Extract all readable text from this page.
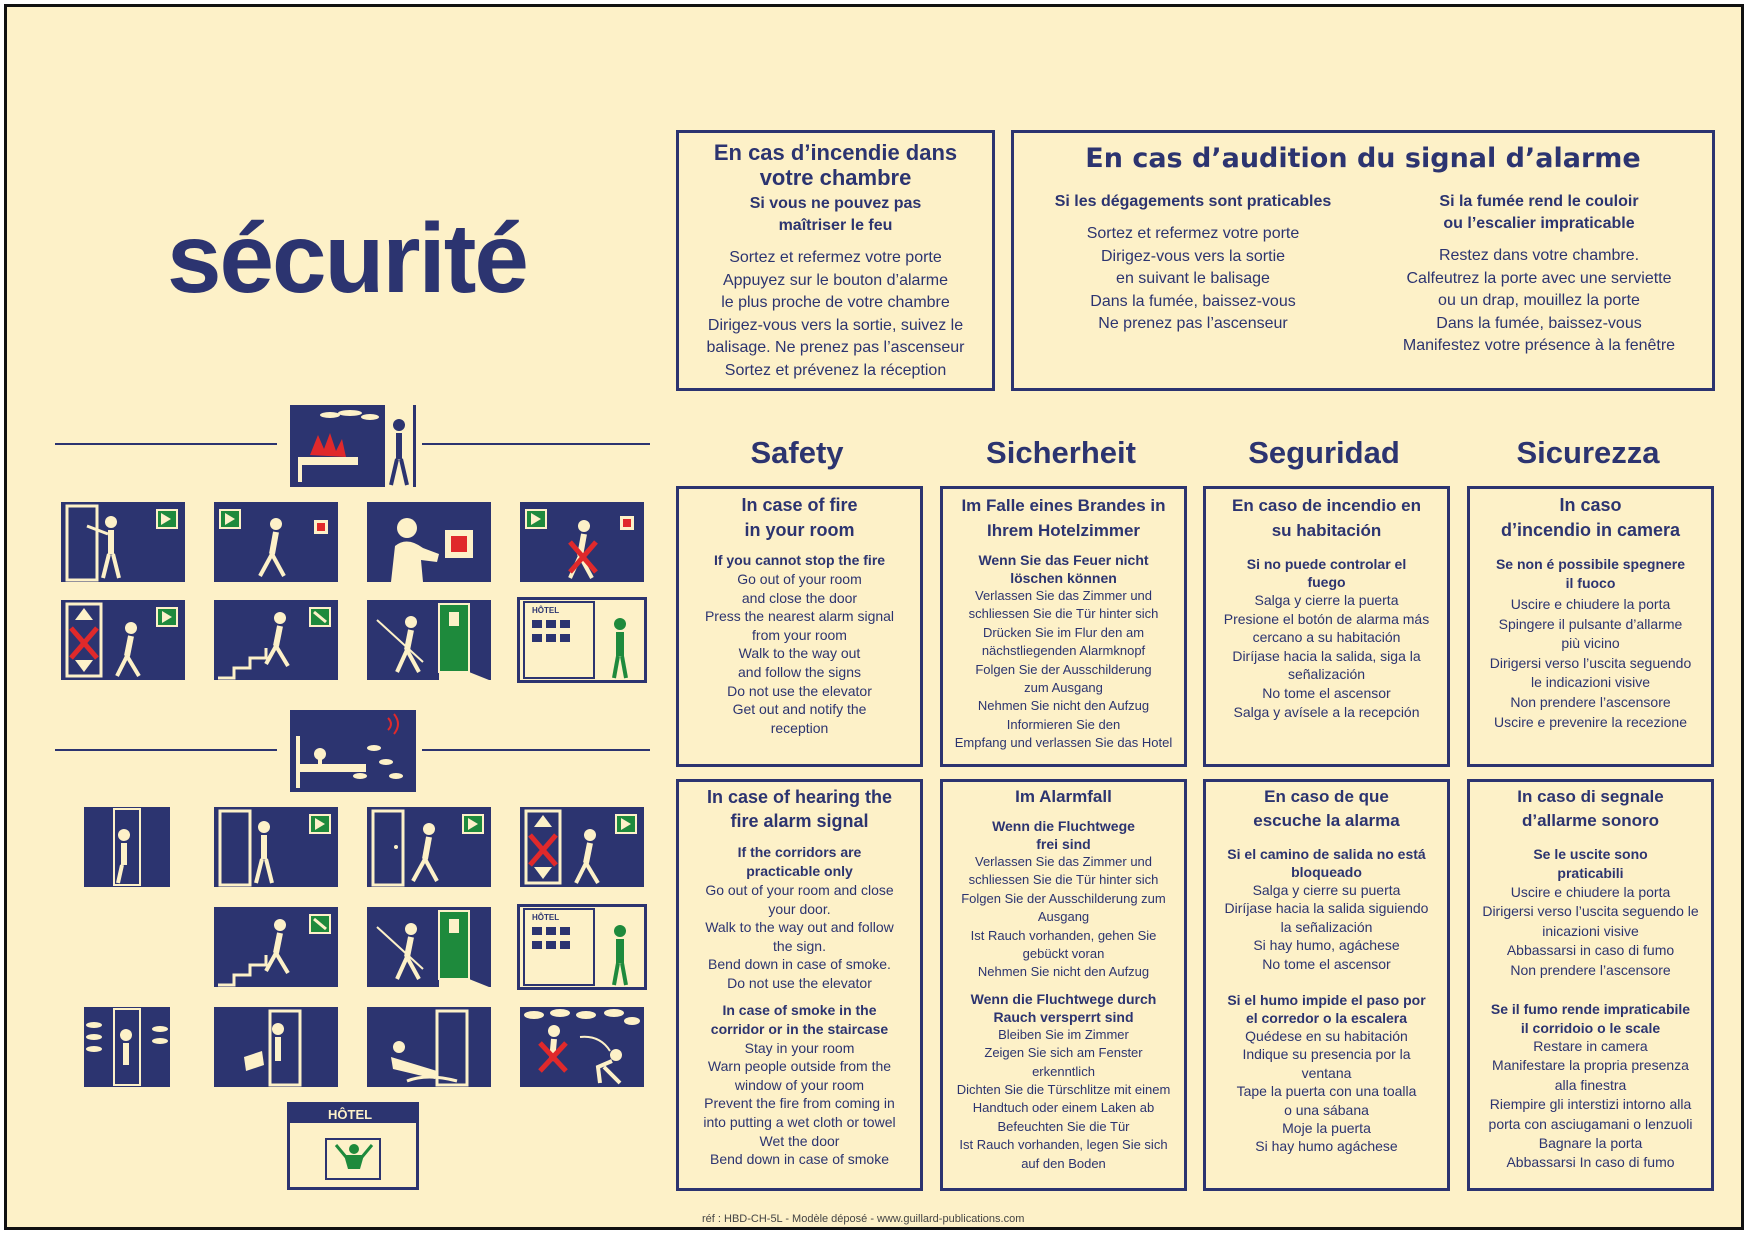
sécurité
En cas d’incendie dans votre chambre
Si vous ne pouvez pas maîtriser le feu
Sortez et refermez votre porte
Appuyez sur le bouton d’alarme
le plus proche de votre chambre
Dirigez-vous vers la sortie, suivez le
balisage. Ne prenez pas l’ascenseur
Sortez et prévenez la réception
En cas d’audition du signal d’alarme
Si les dégagements sont praticables
Sortez et refermez votre porte
Dirigez-vous vers la sortie
en suivant le balisage
Dans la fumée, baissez-vous
Ne prenez pas l’ascenseur
Si la fumée rend le couloir
ou l’escalier impraticable
Restez dans votre chambre.
Calfeutrez la porte avec une serviette
ou un drap, mouillez la porte
Dans la fumée, baissez-vous
Manifestez votre présence à la fenêtre
Safety	Sicherheit	Seguridad	Sicurezza
In case of fire
in your room
If you cannot stop the fire
Go out of your room
and close the door
Press the nearest alarm signal
from your room
Walk to the way out
and follow the signs
Do not use the elevator
Get out and notify the
reception
Im Falle eines Brandes in
Ihrem Hotelzimmer
Wenn Sie das Feuer nicht
löschen können
Verlassen Sie das Zimmer und
schliessen Sie die Tür hinter sich
Drücken Sie im Flur den am
nächstliegenden Alarmknopf
Folgen Sie der Ausschilderung
zum Ausgang
Nehmen Sie nicht den Aufzug
Informieren Sie den
Empfang und verlassen Sie das Hotel
En caso de incendio en
su habitación
Si no puede controlar el
fuego
Salga y cierre la puerta
Presione el botón de alarma más
cercano a su habitación
Diríjase hacia la salida, siga la
señalización
No tome el ascensor
Salga y avísele a la recepción
In caso
d’incendio in camera
Se non é possibile spegnere
il fuoco
Uscire e chiudere la porta
Spingere il pulsante d’allarme
più vicino
Dirigersi verso l’uscita seguendo
le indicazioni visive
Non prendere l’ascensore
Uscire e prevenire la recezione
In case of hearing the
fire alarm signal
If the corridors are
practicable only
Go out of your room and close
your door.
Walk to the way out and follow
the sign.
Bend down in case of smoke.
Do not use the elevator
In case of smoke in the
corridor or in the staircase
Stay in your room
Warn people outside from the
window of your room
Prevent the fire from coming in
into putting a wet cloth or towel
Wet the door
Bend down in case of smoke
Im Alarmfall
Wenn die Fluchtwege
frei sind
Verlassen Sie das Zimmer und
schliessen Sie die Tür hinter sich
Folgen Sie der Ausschilderung zum
Ausgang
Ist Rauch vorhanden, gehen Sie
gebückt voran
Nehmen Sie nicht den Aufzug
Wenn die Fluchtwege durch
Rauch versperrt sind
Bleiben Sie im Zimmer
Zeigen Sie sich am Fenster
erkenntlich
Dichten Sie die Türschlitze mit einem
Handtuch oder einem Laken ab
Befeuchten Sie die Tür
Ist Rauch vorhanden, legen Sie sich
auf den Boden
En caso de que
escuche la alarma
Si el camino de salida no está
bloqueado
Salga y cierre su puerta
Diríjase hacia la salida siguiendo
la señalización
Si hay humo, agáchese
No tome el ascensor
Si el humo impide el paso por
el corredor o la escalera
Quédese en su habitación
Indique su presencia por la
ventana
Tape la puerta con una toalla
o una sábana
Moje la puerta
Si hay humo agáchese
In caso di segnale
d’allarme sonoro
Se le uscite sono
praticabili
Uscire e chiudere la porta
Dirigersi verso l’uscita seguendo le
inicazioni visive
Abbassarsi in caso di fumo
Non prendere l’ascensore
Se il fumo rende impraticabile
il corridoio o le scale
Restare in camera
Manifestare la propria presenza
alla finestra
Riempire gli interstizi intorno alla
porta con asciugamani o lenzuoli
Bagnare la porta
Abbassarsi In caso di fumo
HÔTEL
HÔTEL
HÔTEL
réf : HBD-CH-5L - Modèle déposé - www.guillard-publications.com
